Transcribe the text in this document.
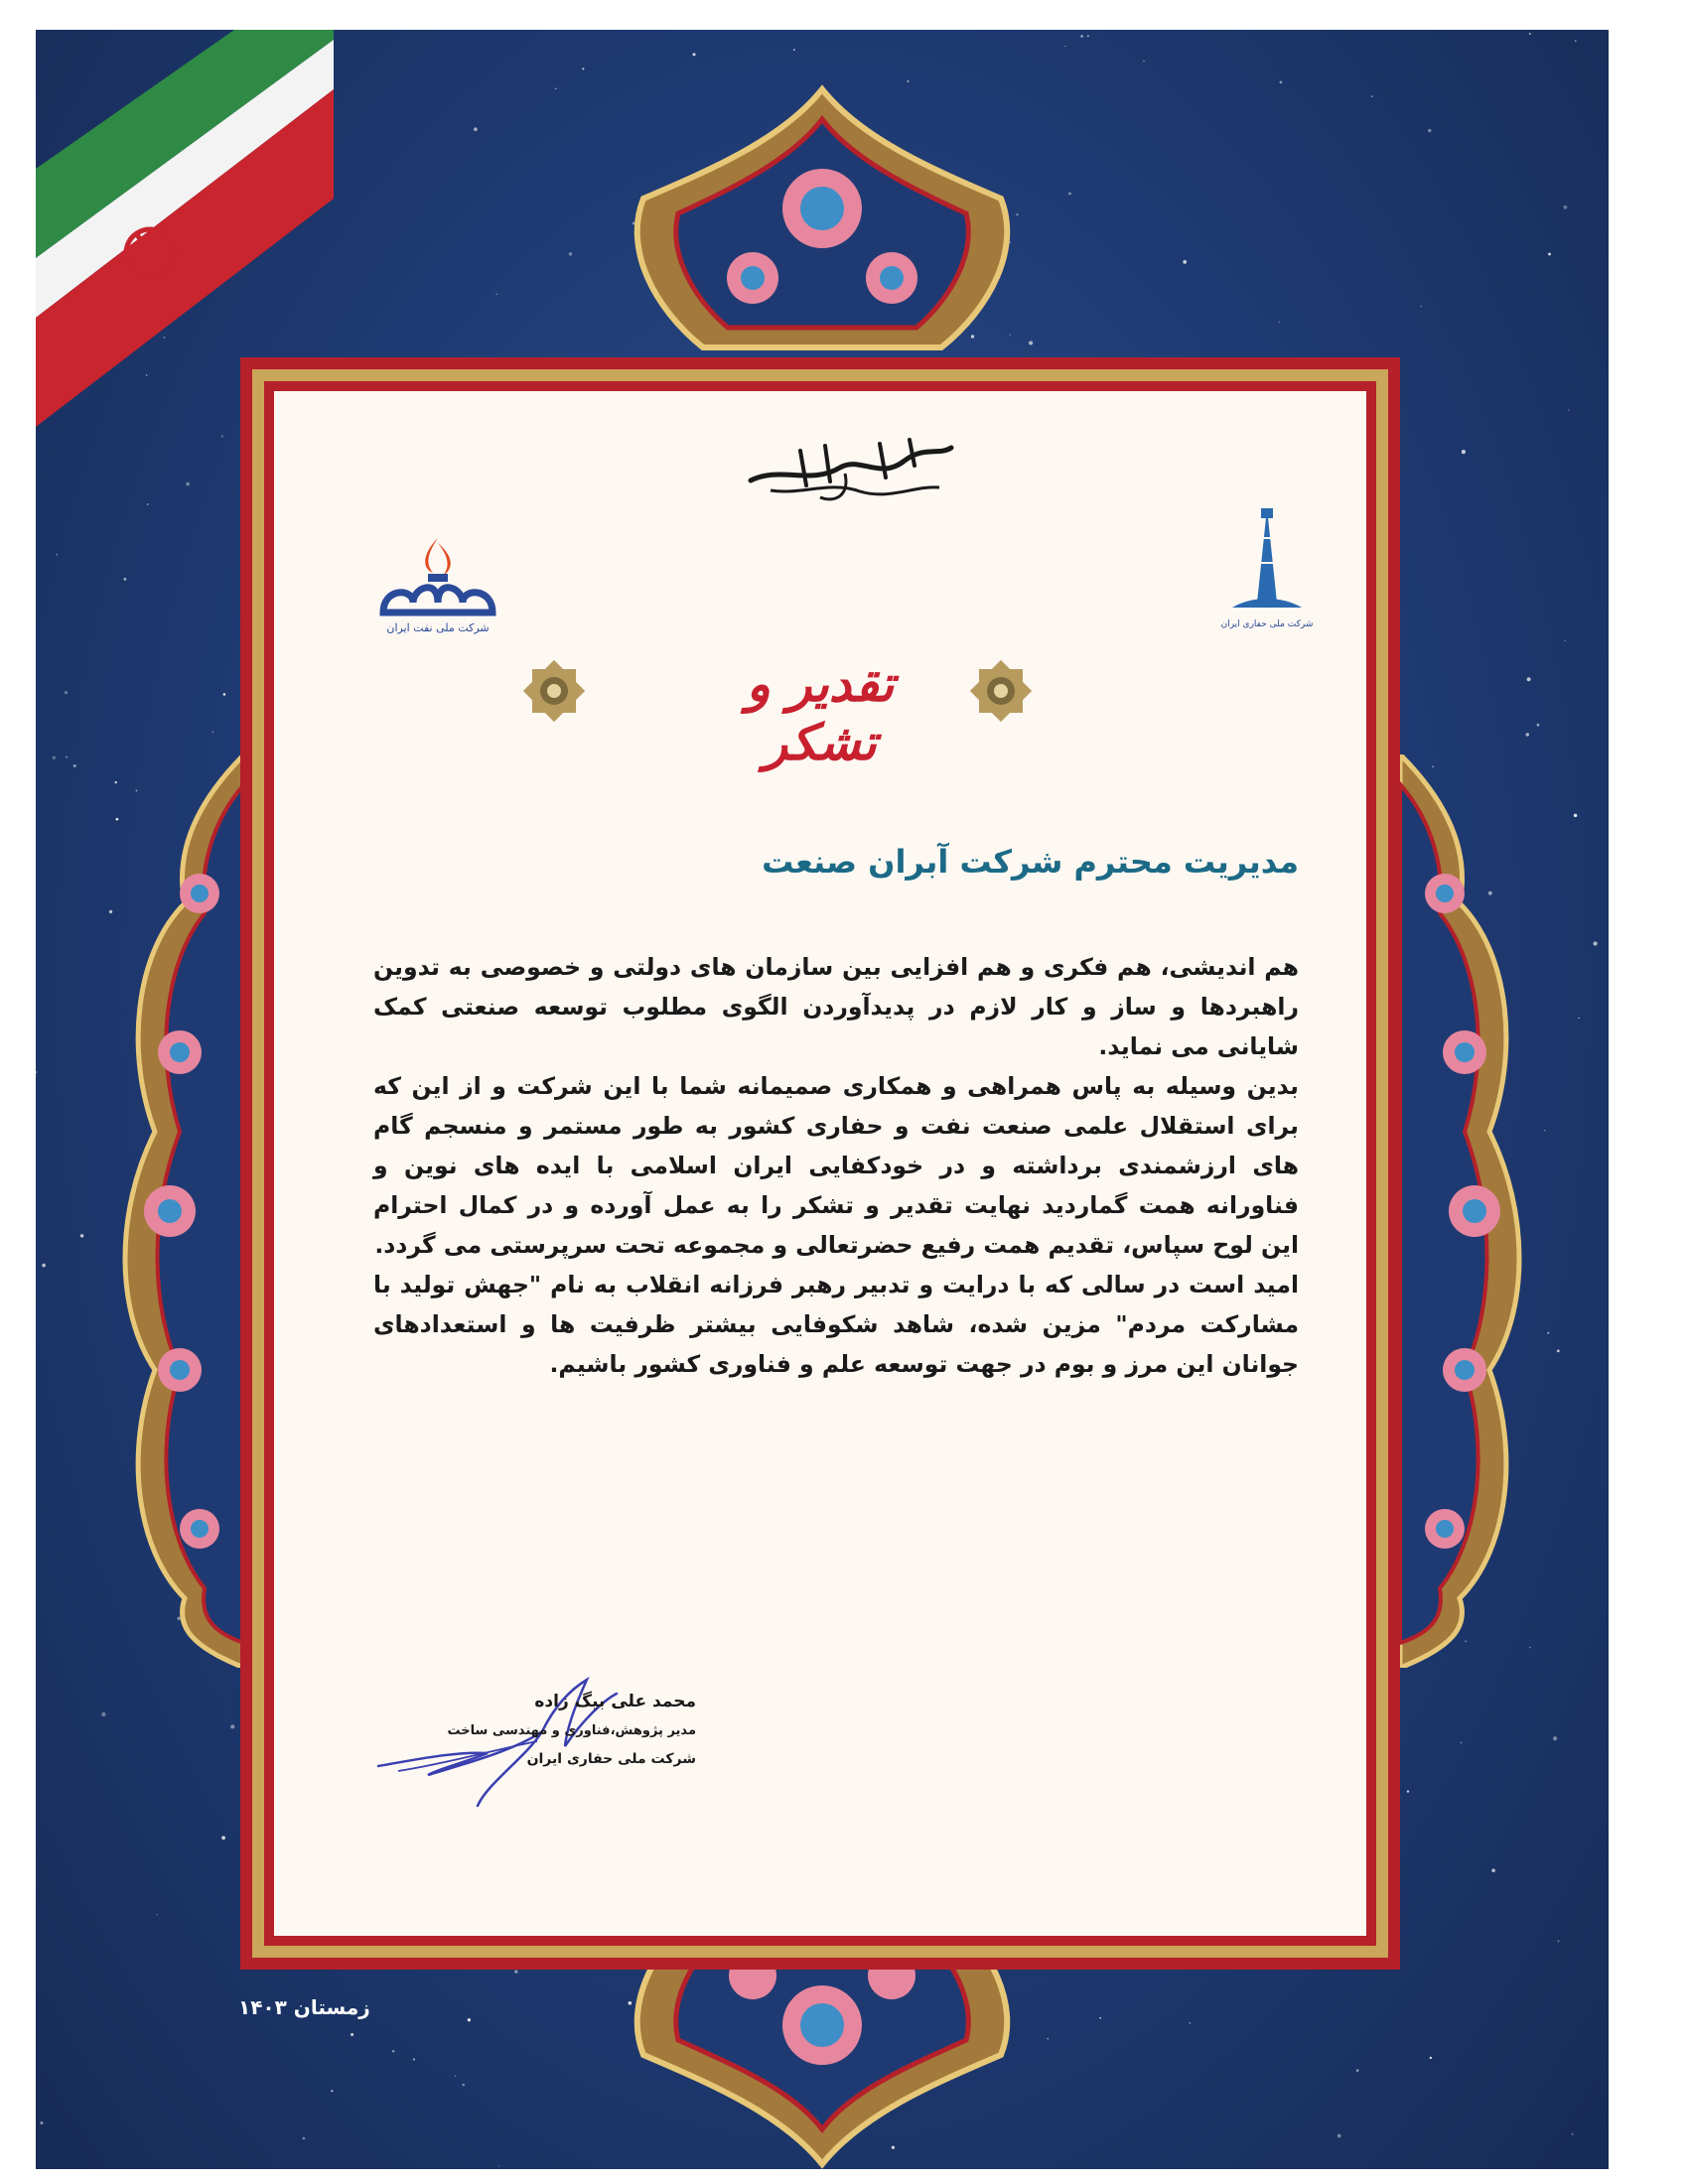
شرکت ملی نفت ایران	شرکت ملی حفاری ایران
تقدیر و تشکر
مدیریت محترم شرکت آبران صنعت

هم اندیشی، هم فکری و هم افزایی بین سازمان های دولتی و خصوصی به تدوین راهبردها و ساز و کار لازم در پدیدآوردن الگوی مطلوب توسعه صنعتی کمک شایانی می نماید.

بدین وسیله به پاس همراهی و همکاری صمیمانه شما با این شرکت و از این که برای استقلال علمی صنعت نفت و حفاری کشور به طور مستمر و منسجم گام های ارزشمندی برداشته و در خودکفایی ایران اسلامی با ایده های نوین و فناورانه همت گماردید نهایت تقدیر و تشکر را به عمل آورده و در کمال احترام این لوح سپاس، تقدیم همت رفیع حضرتعالی و مجموعه تحت سرپرستی می گردد.

امید است در سالی که با درایت و تدبیر رهبر فرزانه انقلاب به نام "جهش تولید با مشارکت مردم" مزین شده، شاهد شکوفایی بیشتر ظرفیت ها و استعدادهای جوانان این مرز و بوم در جهت توسعه علم و فناوری کشور باشیم.

محمد علی بیگ زاده
مدیر پژوهش،فناوری و مهندسی ساخت
شرکت ملی حفاری ایران
زمستان ۱۴۰۳
